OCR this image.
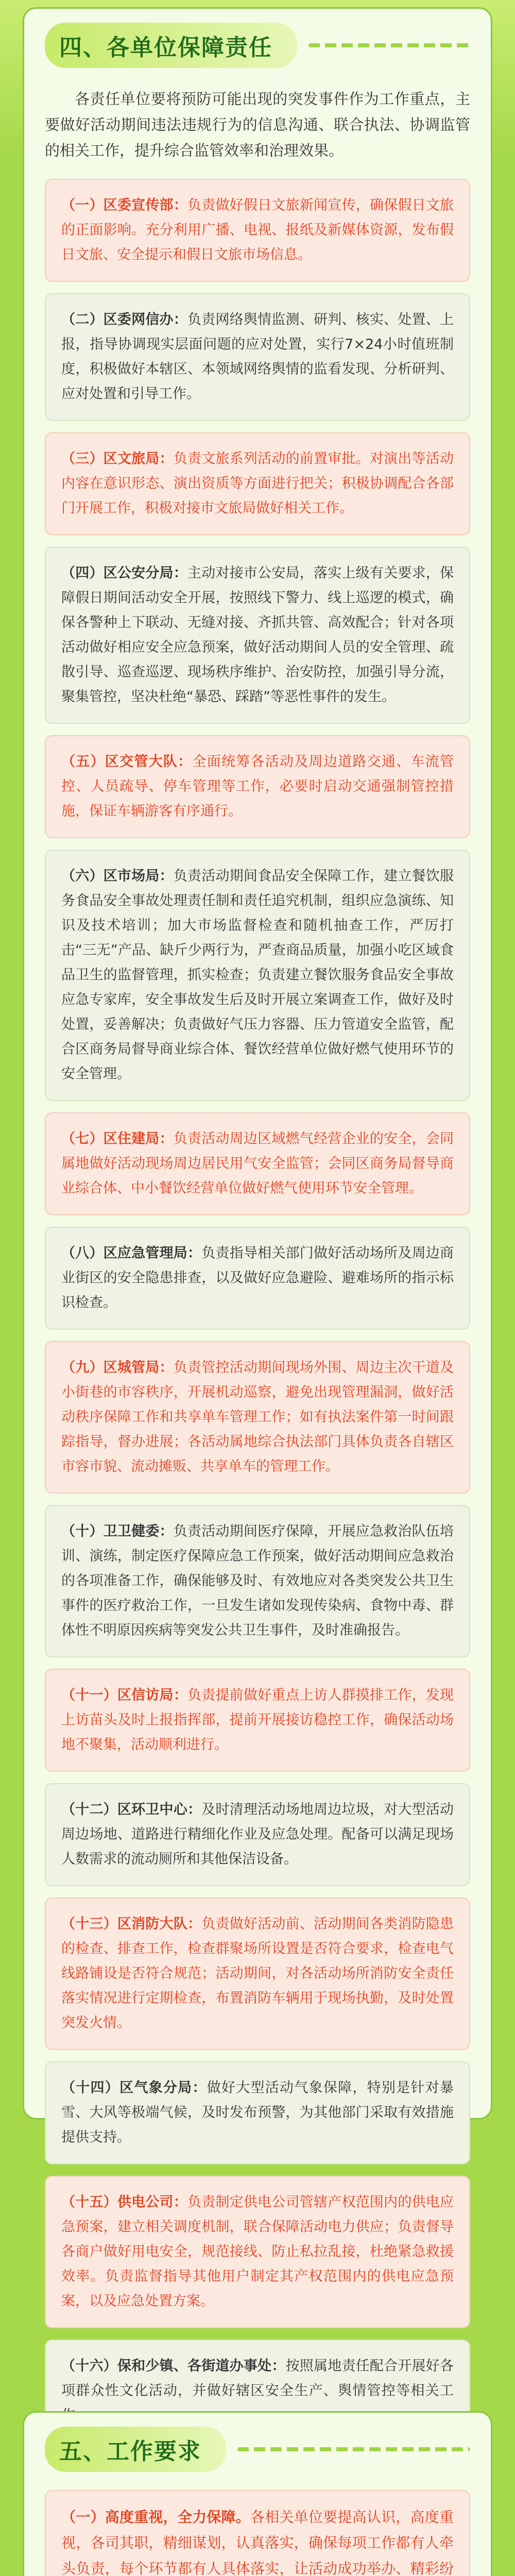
四、各单位保障责任

各责任单位要将预防可能出现的突发事件作为工作重点，主要做好活动期间违法违规行为的信息沟通、联合执法、协调监管的相关工作，提升综合监管效率和治理效果。

（一）区委宣传部：负责做好假日文旅新闻宣传，确保假日文旅的正面影响。充分利用广播、电视、报纸及新媒体资源，发布假日文旅、安全提示和假日文旅市场信息。
（二）区委网信办：负责网络舆情监测、研判、核实、处置、上报，指导协调现实层面问题的应对处置，实行7×24小时值班制度，积极做好本辖区、本领域网络舆情的监看发现、分析研判、应对处置和引导工作。
（三）区文旅局：负责文旅系列活动的前置审批。对演出等活动内容在意识形态、演出资质等方面进行把关；积极协调配合各部门开展工作，积极对接市文旅局做好相关工作。
（四）区公安分局：主动对接市公安局，落实上级有关要求，保障假日期间活动安全开展，按照线下警力、线上巡逻的模式，确保各警种上下联动、无缝对接、齐抓共管、高效配合；针对各项活动做好相应安全应急预案，做好活动期间人员的安全管理、疏散引导、巡查巡逻、现场秩序维护、治安防控，加强引导分流，聚集管控，坚决杜绝“暴恐、踩踏”等恶性事件的发生。
（五）区交管大队：全面统筹各活动及周边道路交通、车流管控、人员疏导、停车管理等工作，必要时启动交通强制管控措施，保证车辆游客有序通行。
（六）区市场局：负责活动期间食品安全保障工作，建立餐饮服务食品安全事故处理责任制和责任追究机制，组织应急演练、知识及技术培训；加大市场监督检查和随机抽查工作，严厉打击“三无”产品、缺斤少两行为，严查商品质量，加强小吃区域食品卫生的监督管理，抓实检查；负责建立餐饮服务食品安全事故应急专家库，安全事故发生后及时开展立案调查工作，做好及时处置，妥善解决；负责做好气压力容器、压力管道安全监管，配合区商务局督导商业综合体、餐饮经营单位做好燃气使用环节的安全管理。
（七）区住建局：负责活动周边区域燃气经营企业的安全，会同属地做好活动现场周边居民用气安全监管；会同区商务局督导商业综合体、中小餐饮经营单位做好燃气使用环节安全管理。
（八）区应急管理局：负责指导相关部门做好活动场所及周边商业街区的安全隐患排查，以及做好应急避险、避难场所的指示标识检查。
（九）区城管局：负责管控活动期间现场外围、周边主次干道及小街巷的市容秩序，开展机动巡察，避免出现管理漏洞，做好活动秩序保障工作和共享单车管理工作；如有执法案件第一时间跟踪指导，督办进展；各活动属地综合执法部门具体负责各自辖区市容市貌、流动摊贩、共享单车的管理工作。
（十）卫卫健委：负责活动期间医疗保障，开展应急救治队伍培训、演练，制定医疗保障应急工作预案，做好活动期间应急救治的各项准备工作，确保能够及时、有效地应对各类突发公共卫生事件的医疗救治工作，一旦发生诸如发现传染病、食物中毒、群体性不明原因疾病等突发公共卫生事件，及时准确报告。
（十一）区信访局：负责提前做好重点上访人群摸排工作，发现上访苗头及时上报指挥部，提前开展接访稳控工作，确保活动场地不聚集，活动顺利进行。
（十二）区环卫中心：及时清理活动场地周边垃圾，对大型活动周边场地、道路进行精细化作业及应急处理。配备可以满足现场人数需求的流动厕所和其他保洁设备。
（十三）区消防大队：负责做好活动前、活动期间各类消防隐患的检查、排查工作，检查群聚场所设置是否符合要求，检查电气线路铺设是否符合规范；活动期间，对各活动场所消防安全责任落实情况进行定期检查，布置消防车辆用于现场执勤，及时处置突发火情。
（十四）区气象分局：做好大型活动气象保障，特别是针对暴雪、大风等极端气候，及时发布预警，为其他部门采取有效措施提供支持。
（十五）供电公司：负责制定供电公司管辖产权范围内的供电应急预案，建立相关调度机制，联合保障活动电力供应；负责督导各商户做好用电安全，规范接线、防止私拉乱接，杜绝紧急救援效率。负责监督指导其他用户制定其产权范围内的供电应急预案，以及应急处置方案。
（十六）保和少镇、各街道办事处：按照属地责任配合开展好各项群众性文化活动，并做好辖区安全生产、舆情管控等相关工
五、工作要求
（一）高度重视，全力保障。各相关单位要提高认识，高度重视，各司其职，精细谋划，认真落实，确保每项工作都有人牵头负责，每个环节都有人具体落实，让活动成功举办、精彩纷
